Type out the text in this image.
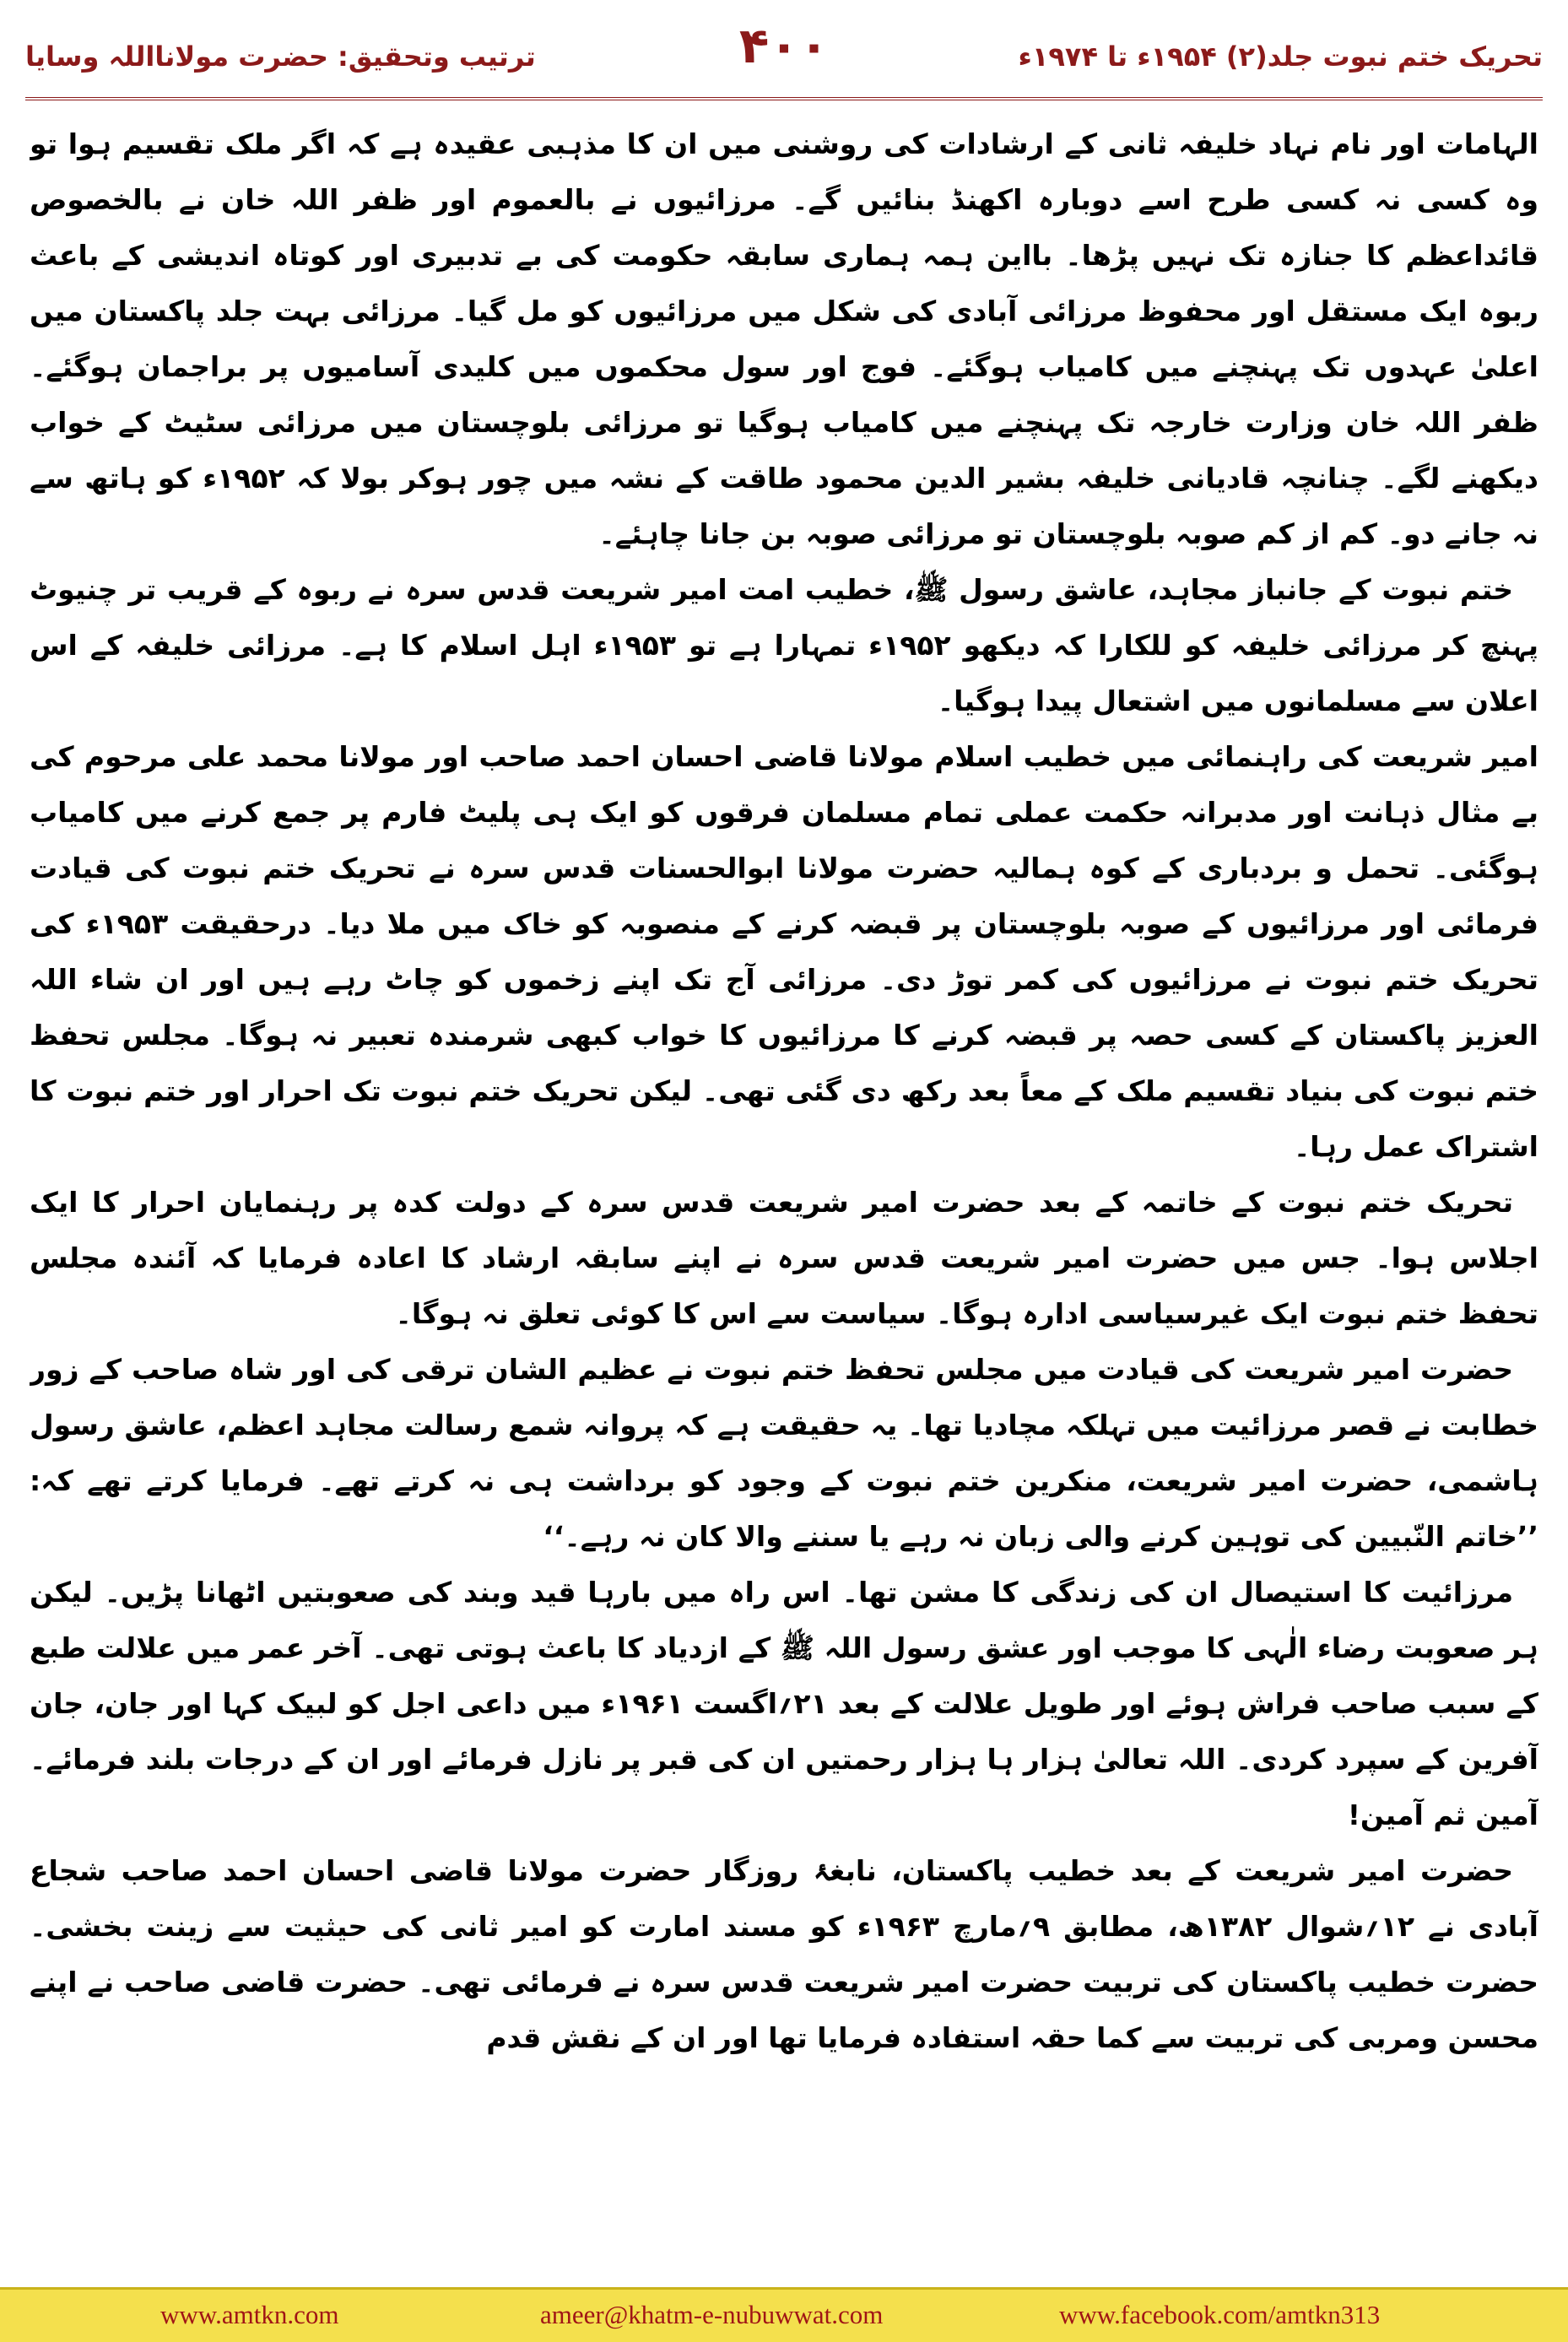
تحریک ختم نبوت جلد(۲) ۱۹۵۴ء تا ۱۹۷۴ء
۴۰۰
ترتیب وتحقیق: حضرت مولانااللہ وسایا

الہامات اور نام نہاد خلیفہ ثانی کے ارشادات کی روشنی میں ان کا مذہبی عقیدہ ہے کہ اگر ملک تقسیم ہوا تو وہ کسی نہ کسی طرح اسے دوبارہ اکھنڈ بنائیں گے۔ مرزائیوں نے بالعموم اور ظفر اللہ خان نے بالخصوص قائداعظم کا جنازہ تک نہیں پڑھا۔ بااین ہمہ ہماری سابقہ حکومت کی بے تدبیری اور کوتاہ اندیشی کے باعث ربوہ ایک مستقل اور محفوظ مرزائی آبادی کی شکل میں مرزائیوں کو مل گیا۔ مرزائی بہت جلد پاکستان میں اعلیٰ عہدوں تک پہنچنے میں کامیاب ہوگئے۔ فوج اور سول محکموں میں کلیدی آسامیوں پر براجمان ہوگئے۔ ظفر اللہ خان وزارت خارجہ تک پہنچنے میں کامیاب ہوگیا تو مرزائی بلوچستان میں مرزائی سٹیٹ کے خواب دیکھنے لگے۔ چنانچہ قادیانی خلیفہ بشیر الدین محمود طاقت کے نشہ میں چور ہوکر بولا کہ ۱۹۵۲ء کو ہاتھ سے نہ جانے دو۔ کم از کم صوبہ بلوچستان تو مرزائی صوبہ بن جانا چاہئے۔

ختم نبوت کے جانباز مجاہد، عاشق رسول ﷺ، خطیب امت امیر شریعت قدس سرہ نے ربوہ کے قریب تر چنیوٹ پہنچ کر مرزائی خلیفہ کو للکارا کہ دیکھو ۱۹۵۲ء تمہارا ہے تو ۱۹۵۳ء اہل اسلام کا ہے۔ مرزائی خلیفہ کے اس اعلان سے مسلمانوں میں اشتعال پیدا ہوگیا۔

امیر شریعت کی راہنمائی میں خطیب اسلام مولانا قاضی احسان احمد صاحب اور مولانا محمد علی مرحوم کی بے مثال ذہانت اور مدبرانہ حکمت عملی تمام مسلمان فرقوں کو ایک ہی پلیٹ فارم پر جمع کرنے میں کامیاب ہوگئی۔ تحمل و بردباری کے کوہ ہمالیہ حضرت مولانا ابوالحسنات قدس سرہ نے تحریک ختم نبوت کی قیادت فرمائی اور مرزائیوں کے صوبہ بلوچستان پر قبضہ کرنے کے منصوبہ کو خاک میں ملا دیا۔ درحقیقت ۱۹۵۳ء کی تحریک ختم نبوت نے مرزائیوں کی کمر توڑ دی۔ مرزائی آج تک اپنے زخموں کو چاٹ رہے ہیں اور ان شاء اللہ العزیز پاکستان کے کسی حصہ پر قبضہ کرنے کا مرزائیوں کا خواب کبھی شرمندہ تعبیر نہ ہوگا۔ مجلس تحفظ ختم نبوت کی بنیاد تقسیم ملک کے معاً بعد رکھ دی گئی تھی۔ لیکن تحریک ختم نبوت تک احرار اور ختم نبوت کا اشتراک عمل رہا۔

تحریک ختم نبوت کے خاتمہ کے بعد حضرت امیر شریعت قدس سرہ کے دولت کدہ پر رہنمایان احرار کا ایک اجلاس ہوا۔ جس میں حضرت امیر شریعت قدس سرہ نے اپنے سابقہ ارشاد کا اعادہ فرمایا کہ آئندہ مجلس تحفظ ختم نبوت ایک غیرسیاسی ادارہ ہوگا۔ سیاست سے اس کا کوئی تعلق نہ ہوگا۔

حضرت امیر شریعت کی قیادت میں مجلس تحفظ ختم نبوت نے عظیم الشان ترقی کی اور شاہ صاحب کے زور خطابت نے قصر مرزائیت میں تہلکہ مچادیا تھا۔ یہ حقیقت ہے کہ پروانہ شمع رسالت مجاہد اعظم، عاشق رسول ہاشمی، حضرت امیر شریعت، منکرین ختم نبوت کے وجود کو برداشت ہی نہ کرتے تھے۔ فرمایا کرتے تھے کہ: ’’خاتم النّبیین کی توہین کرنے والی زبان نہ رہے یا سننے والا کان نہ رہے۔‘‘

مرزائیت کا استیصال ان کی زندگی کا مشن تھا۔ اس راہ میں بارہا قید وبند کی صعوبتیں اٹھانا پڑیں۔ لیکن ہر صعوبت رضاء الٰہی کا موجب اور عشق رسول اللہ ﷺ کے ازدیاد کا باعث ہوتی تھی۔ آخر عمر میں علالت طبع کے سبب صاحب فراش ہوئے اور طویل علالت کے بعد ۲۱؍اگست ۱۹۶۱ء میں داعی اجل کو لبیک کہا اور جان، جان آفرین کے سپرد کردی۔ اللہ تعالیٰ ہزار ہا ہزار رحمتیں ان کی قبر پر نازل فرمائے اور ان کے درجات بلند فرمائے۔ آمین ثم آمین!

حضرت امیر شریعت کے بعد خطیب پاکستان، نابغۂ روزگار حضرت مولانا قاضی احسان احمد صاحب شجاع آبادی نے ۱۲؍شوال ۱۳۸۲ھ، مطابق ۹؍مارچ ۱۹۶۳ء کو مسند امارت کو امیر ثانی کی حیثیت سے زینت بخشی۔ حضرت خطیب پاکستان کی تربیت حضرت امیر شریعت قدس سرہ نے فرمائی تھی۔ حضرت قاضی صاحب نے اپنے محسن ومربی کی تربیت سے کما حقہ استفادہ فرمایا تھا اور ان کے نقش قدم

www.amtkn.com	ameer@khatm-e-nubuwwat.com	www.facebook.com/amtkn313
